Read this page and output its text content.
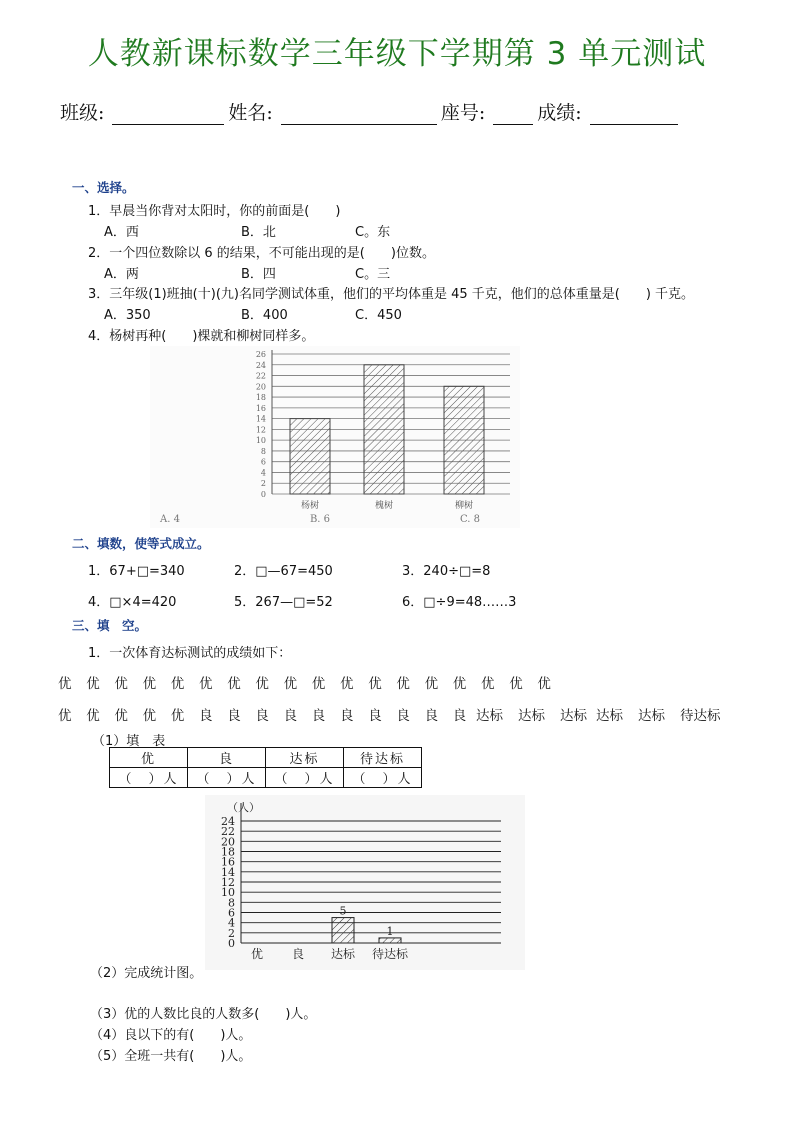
人教新课标数学三年级下学期第 3 单元测试
班级:	姓名:	座号:	成绩:
一、选择。
1．早晨当你背对太阳时，你的前面是(　　)
A．西	B．北	C。东
2．一个四位数除以 6 的结果，不可能出现的是(　　)位数。
A．两	B．四	C。三
3．三年级(1)班抽(十)(九)名同学测试体重，他们的平均体重是 45 千克，他们的总体重量是(　　) 千克。
A．350	B．400	C．450
4．杨树再种(　　)棵就和柳树同样多。
0
2
4
6
8
10
12
14
16
18
20
22
24
26
杨树	槐树	柳树
A. 4	B. 6	C. 8
二、填数，使等式成立。
1．67+□=340	2．□—67=450	3．240÷□=8
4．□×4=420	5．267—□=52	6．□÷9=48……3
三、填　空。
1．一次体育达标测试的成绩如下：
优 优 优 优 优 优 优 优 优 优 优 优 优 优 优 优 优 优
优 优 优 优 优 良 良 良 良 良 良 良 良 良 良 达标 达标 达标 达标 达标 待达标
（1）填　表
优	良	达标	待达标
（　）人	（　）人	（　）人	（　）人
0
2
4
6
8
10
12
14
16
18
20
22
24
（人）
优 良 达标
5
待达标
1
（2）完成统计图。
（3）优的人数比良的人数多(　　)人。
（4）良以下的有(　　)人。
（5）全班一共有(　　)人。
